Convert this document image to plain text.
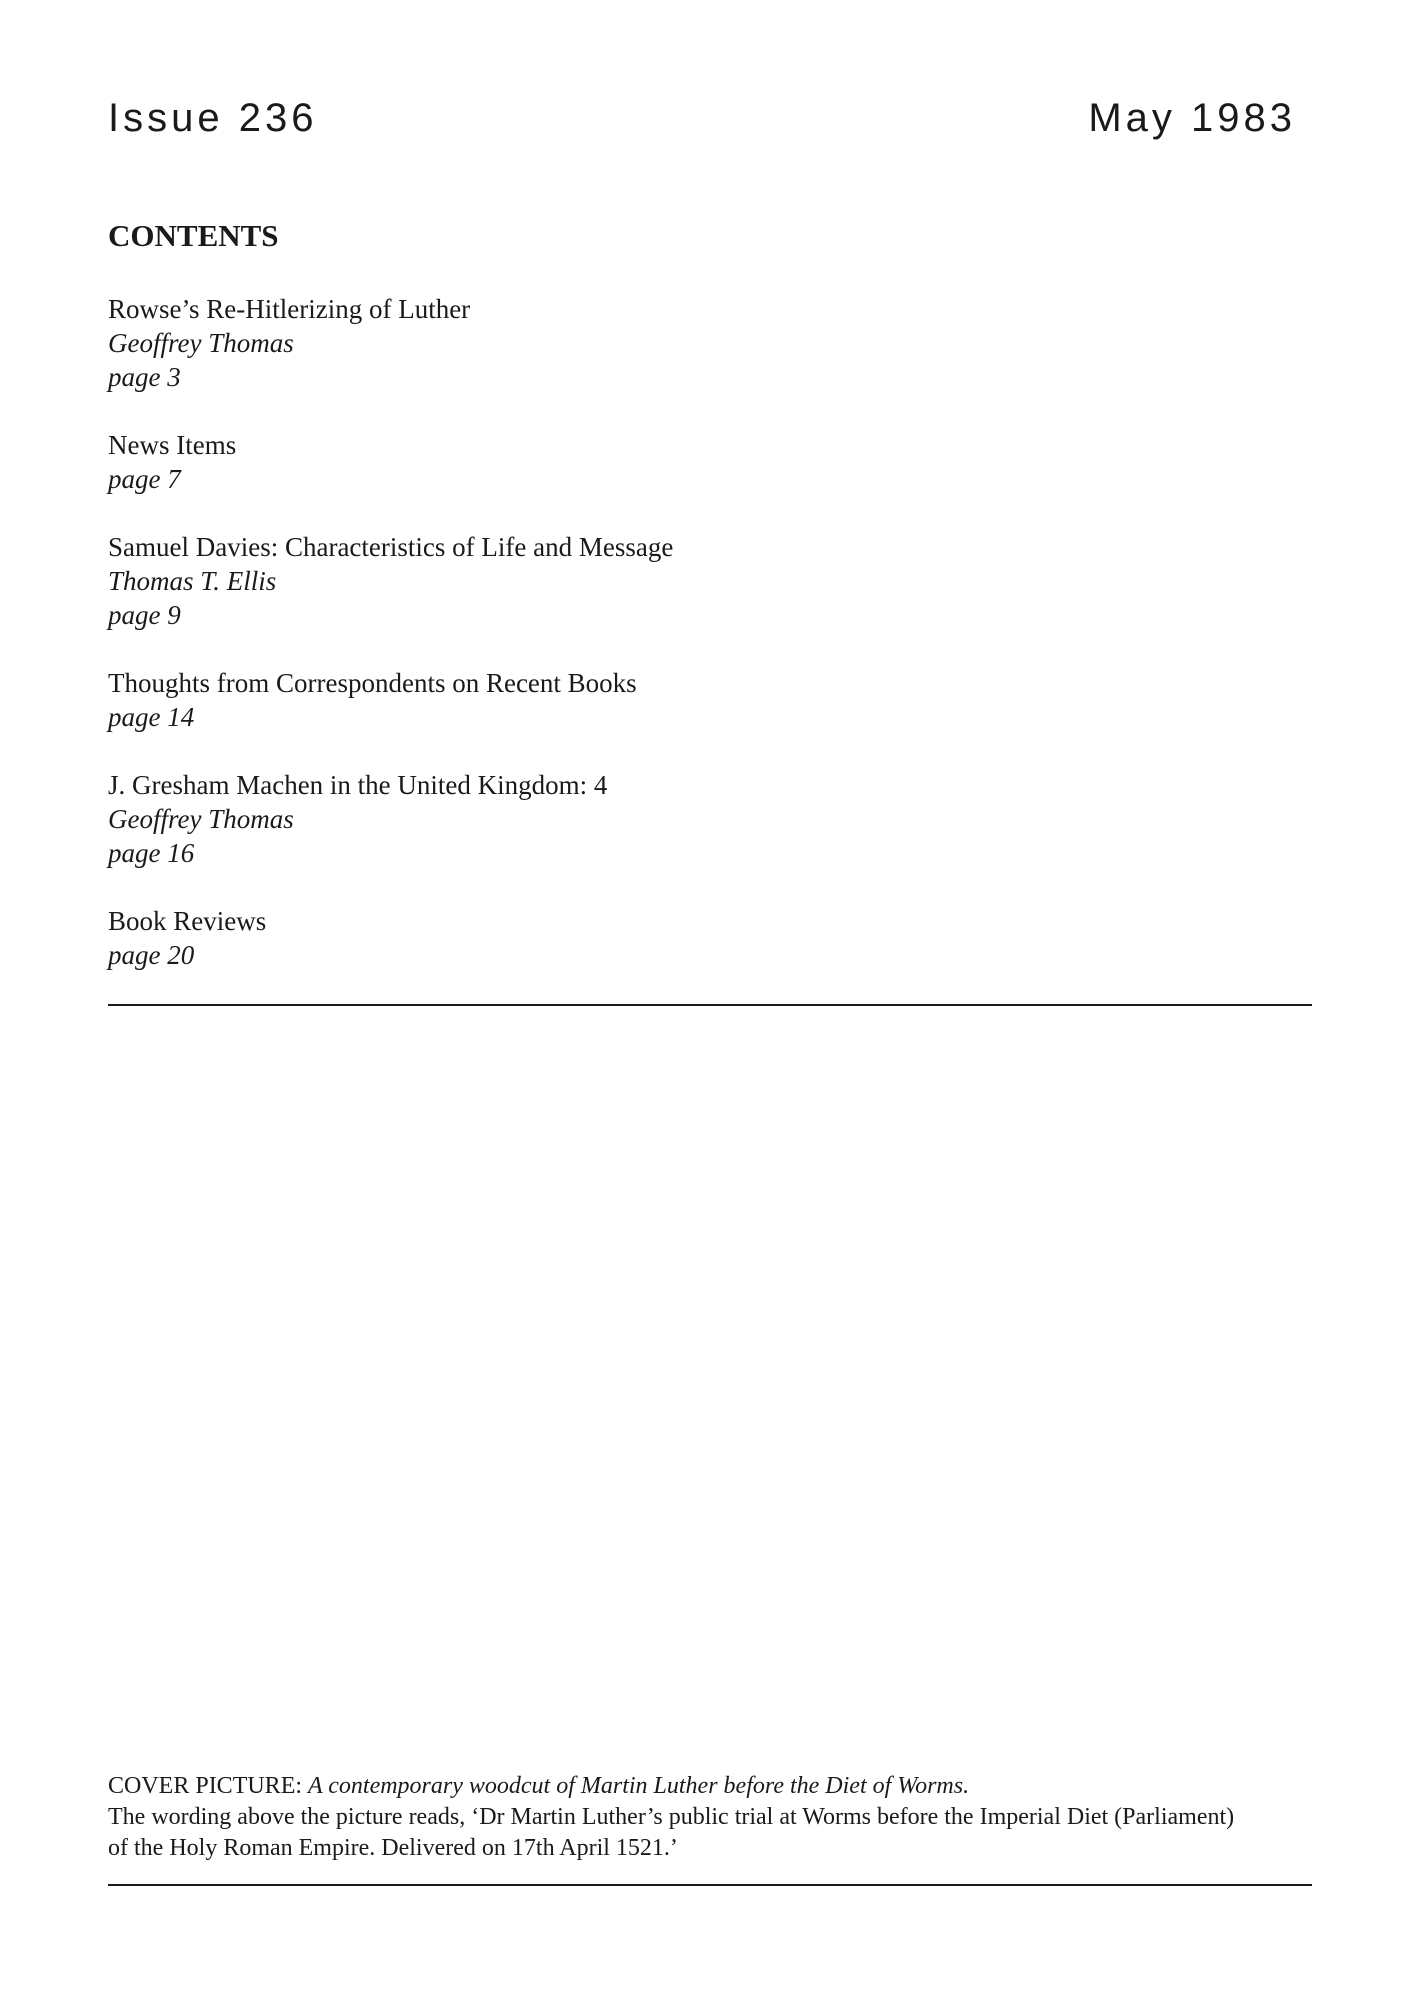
Issue 236	May 1983
CONTENTS
Rowse’s Re-Hitlerizing of Luther
Geoffrey Thomas
page 3
News Items
page 7
Samuel Davies: Characteristics of Life and Message
Thomas T. Ellis
page 9
Thoughts from Correspondents on Recent Books
page 14
J. Gresham Machen in the United Kingdom: 4
Geoffrey Thomas
page 16
Book Reviews
page 20
COVER PICTURE: A contemporary woodcut of Martin Luther before the Diet of Worms.
The wording above the picture reads, ‘Dr Martin Luther’s public trial at Worms before the Imperial Diet (Parliament)
of the Holy Roman Empire. Delivered on 17th April 1521.’
